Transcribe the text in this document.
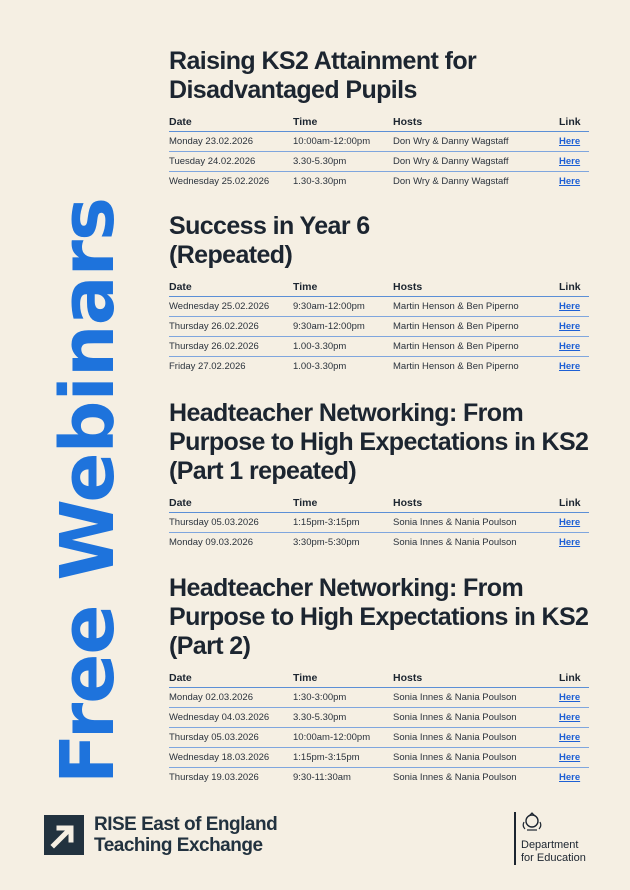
Free Webinars
Raising KS2 Attainment for
Disadvantaged Pupils
Date	Time	Hosts	Link
Monday 23.02.2026	10:00am-12:00pm	Don Wry & Danny Wagstaff	Here
Tuesday 24.02.2026	3.30-5.30pm	Don Wry & Danny Wagstaff	Here
Wednesday 25.02.2026	1.30-3.30pm	Don Wry & Danny Wagstaff	Here
Success in Year 6
(Repeated)
Date	Time	Hosts	Link
Wednesday 25.02.2026	9:30am-12:00pm	Martin Henson & Ben Piperno	Here
Thursday 26.02.2026	9:30am-12:00pm	Martin Henson & Ben Piperno	Here
Thursday 26.02.2026	1.00-3.30pm	Martin Henson & Ben Piperno	Here
Friday 27.02.2026	1.00-3.30pm	Martin Henson & Ben Piperno	Here
Headteacher Networking: From
Purpose to High Expectations in KS2
(Part 1 repeated)
Date	Time	Hosts	Link
Thursday 05.03.2026	1:15pm-3:15pm	Sonia Innes & Nania Poulson	Here
Monday 09.03.2026	3:30pm-5:30pm	Sonia Innes & Nania Poulson	Here
Headteacher Networking: From
Purpose to High Expectations in KS2
(Part 2)
Date	Time	Hosts	Link
Monday 02.03.2026	1:30-3:00pm	Sonia Innes & Nania Poulson	Here
Wednesday 04.03.2026	3.30-5.30pm	Sonia Innes & Nania Poulson	Here
Thursday 05.03.2026	10:00am-12:00pm	Sonia Innes & Nania Poulson	Here
Wednesday 18.03.2026	1:15pm-3:15pm	Sonia Innes & Nania Poulson	Here
Thursday 19.03.2026	9:30-11:30am	Sonia Innes & Nania Poulson	Here
RISE East of England
Teaching Exchange	Department
for Education
